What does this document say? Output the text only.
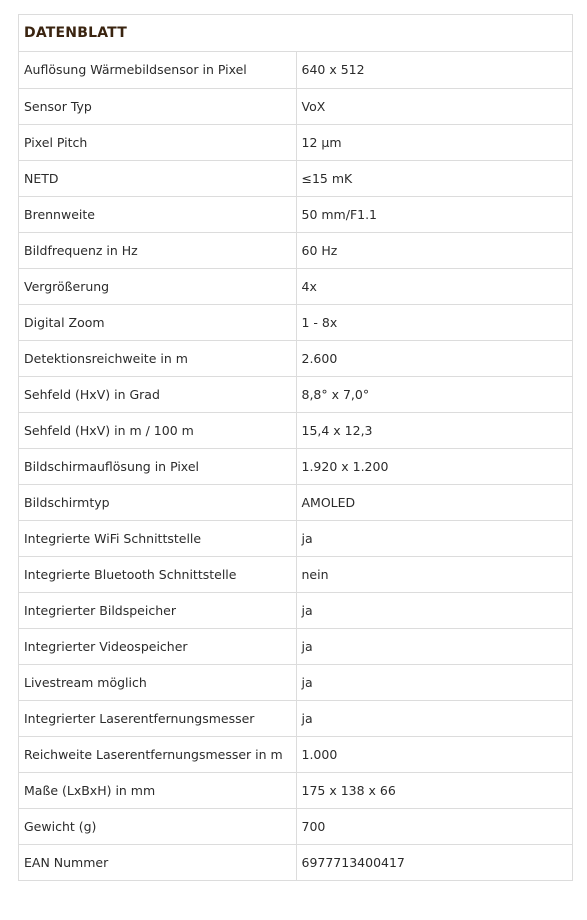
DATENBLATT
Auflösung Wärmebildsensor in Pixel	640 x 512
Sensor Typ	VoX
Pixel Pitch	12 µm
NETD	≤15 mK
Brennweite	50 mm/F1.1
Bildfrequenz in Hz	60 Hz
Vergrößerung	4x
Digital Zoom	1 - 8x
Detektionsreichweite in m	2.600
Sehfeld (HxV) in Grad	8,8° x 7,0°
Sehfeld (HxV) in m / 100 m	15,4 x 12,3
Bildschirmauflösung in Pixel	1.920 x 1.200
Bildschirmtyp	AMOLED
Integrierte WiFi Schnittstelle	ja
Integrierte Bluetooth Schnittstelle	nein
Integrierter Bildspeicher	ja
Integrierter Videospeicher	ja
Livestream möglich	ja
Integrierter Laserentfernungsmesser	ja
Reichweite Laserentfernungsmesser in m	1.000
Maße (LxBxH) in mm	175 x 138 x 66
Gewicht (g)	700
EAN Nummer	6977713400417
